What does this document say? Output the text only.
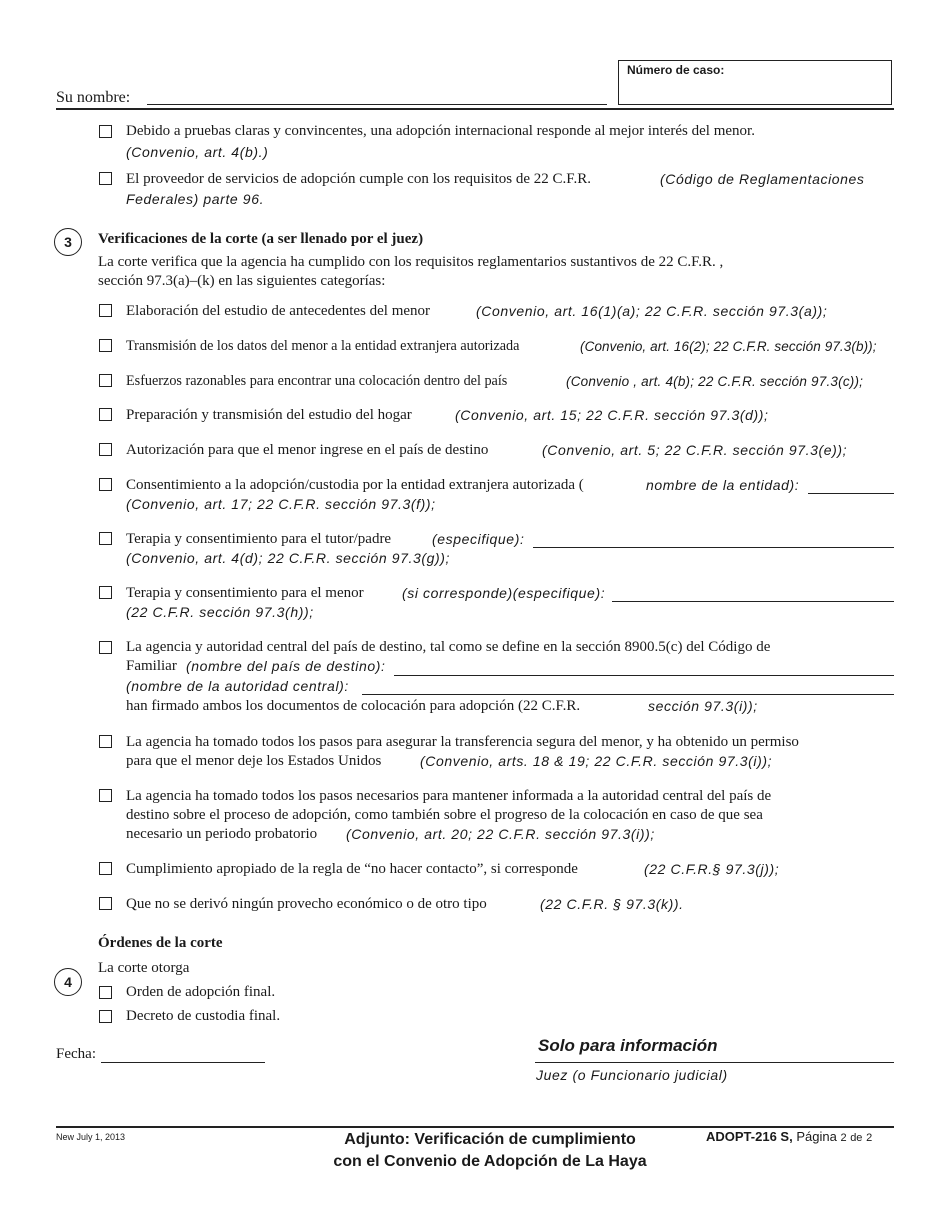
Su nombre:
Número de caso:
Debido a pruebas claras y convincentes, una adopción internacional responde al mejor interés del menor.
(Convenio, art. 4(b).)
El proveedor de servicios de adopción cumple con los requisitos de 22 C.F.R.	(Código de Reglamentaciones
Federales) parte 96.
3	Verificaciones de la corte (a ser llenado por el juez)
La corte verifica que la agencia ha cumplido con los requisitos reglamentarios sustantivos de 22 C.F.R. ,
sección 97.3(a)–(k) en las siguientes categorías:
Elaboración del estudio de antecedentes del menor	(Convenio, art. 16(1)(a); 22 C.F.R. sección 97.3(a));
Transmisión de los datos del menor a la entidad extranjera autorizada	(Convenio, art. 16(2); 22 C.F.R. sección 97.3(b));
Esfuerzos razonables para encontrar una colocación dentro del país	(Convenio , art. 4(b); 22 C.F.R. sección 97.3(c));
Preparación y transmisión del estudio del hogar	(Convenio, art. 15; 22 C.F.R. sección 97.3(d));
Autorización para que el menor ingrese en el país de destino	(Convenio, art. 5; 22 C.F.R. sección 97.3(e));
Consentimiento a la adopción/custodia por la entidad extranjera autorizada (	nombre de la entidad):
(Convenio, art. 17; 22 C.F.R. sección 97.3(f));
Terapia y consentimiento para el tutor/padre	(especifique):
(Convenio, art. 4(d); 22 C.F.R. sección 97.3(g));
Terapia y consentimiento para el menor	(si corresponde)(especifique):
(22 C.F.R. sección 97.3(h));
La agencia y autoridad central del país de destino, tal como se define en la sección 8900.5(c) del Código de
Familiar (nombre del país de destino):
(nombre de la autoridad central):
han firmado ambos los documentos de colocación para adopción (22 C.F.R.	sección 97.3(i));
La agencia ha tomado todos los pasos para asegurar la transferencia segura del menor, y ha obtenido un permiso
para que el menor deje los Estados Unidos	(Convenio, arts. 18 & 19; 22 C.F.R. sección 97.3(i));
La agencia ha tomado todos los pasos necesarios para mantener informada a la autoridad central del país de
destino sobre el proceso de adopción, como también sobre el progreso de la colocación en caso de que sea
necesario un periodo probatorio (Convenio, art. 20; 22 C.F.R. sección 97.3(i));
Cumplimiento apropiado de la regla de “no hacer contacto”, si corresponde	(22 C.F.R.§ 97.3(j));
Que no se derivó ningún provecho económico o de otro tipo	(22 C.F.R. § 97.3(k)).
Órdenes de la corte
La corte otorga
4
Orden de adopción final.
Decreto de custodia final.
Fecha:	Solo para información
Juez (o Funcionario judicial)
New July 1, 2013	Adjunto: Verificación de cumplimiento
con el Convenio de Adopción de La Haya
ADOPT-216 S, Página 2 de 2
